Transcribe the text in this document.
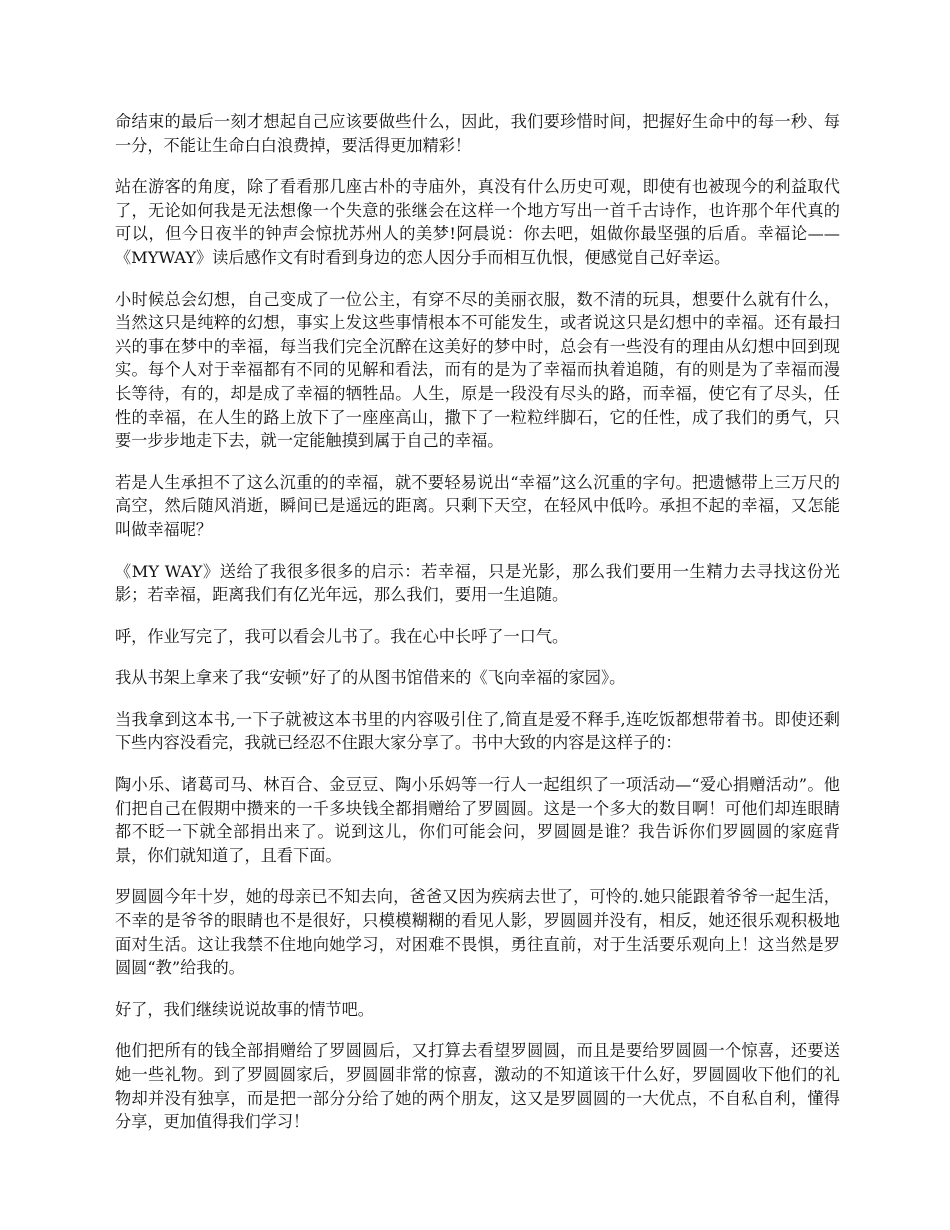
命结束的最后一刻才想起自己应该要做些什么，因此，我们要珍惜时间，把握好生命中的每一秒、每一分，不能让生命白白浪费掉，要活得更加精彩！

站在游客的角度，除了看看那几座古朴的寺庙外，真没有什么历史可观，即使有也被现今的利益取代了，无论如何我是无法想像一个失意的张继会在这样一个地方写出一首千古诗作，也许那个年代真的可以，但今日夜半的钟声会惊扰苏州人的美梦!阿晨说：你去吧，姐做你最坚强的后盾。幸福论——《MYWAY》读后感作文有时看到身边的恋人因分手而相互仇恨，便感觉自己好幸运。

小时候总会幻想，自己变成了一位公主，有穿不尽的美丽衣服，数不清的玩具，想要什么就有什么，当然这只是纯粹的幻想，事实上发这些事情根本不可能发生，或者说这只是幻想中的幸福。还有最扫兴的事在梦中的幸福，每当我们完全沉醉在这美好的梦中时，总会有一些没有的理由从幻想中回到现实。每个人对于幸福都有不同的见解和看法，而有的是为了幸福而执着追随，有的则是为了幸福而漫长等待，有的，却是成了幸福的牺牲品。人生，原是一段没有尽头的路，而幸福，使它有了尽头，任性的幸福，在人生的路上放下了一座座高山，撒下了一粒粒绊脚石，它的任性，成了我们的勇气，只要一步步地走下去，就一定能触摸到属于自己的幸福。

若是人生承担不了这么沉重的的幸福，就不要轻易说出“幸福”这么沉重的字句。把遗憾带上三万尺的高空，然后随风消逝，瞬间已是遥远的距离。只剩下天空，在轻风中低吟。承担不起的幸福，又怎能叫做幸福呢？

《MY WAY》送给了我很多很多的启示：若幸福，只是光影，那么我们要用一生精力去寻找这份光影；若幸福，距离我们有亿光年远，那么我们，要用一生追随。

呼，作业写完了，我可以看会儿书了。我在心中长呼了一口气。

我从书架上拿来了我“安顿”好了的从图书馆借来的《飞向幸福的家园》。

当我拿到这本书,一下子就被这本书里的内容吸引住了,简直是爱不释手,连吃饭都想带着书。即使还剩下些内容没看完，我就已经忍不住跟大家分享了。书中大致的内容是这样子的：

陶小乐、诸葛司马、林百合、金豆豆、陶小乐妈等一行人一起组织了一项活动—“爱心捐赠活动”。他们把自己在假期中攒来的一千多块钱全都捐赠给了罗圆圆。这是一个多大的数目啊！可他们却连眼睛都不眨一下就全部捐出来了。说到这儿，你们可能会问，罗圆圆是谁？我告诉你们罗圆圆的家庭背景，你们就知道了，且看下面。

罗圆圆今年十岁，她的母亲已不知去向，爸爸又因为疾病去世了，可怜的.她只能跟着爷爷一起生活，不幸的是爷爷的眼睛也不是很好，只模模糊糊的看见人影，罗圆圆并没有，相反，她还很乐观积极地面对生活。这让我禁不住地向她学习，对困难不畏惧，勇往直前，对于生活要乐观向上！这当然是罗圆圆“教”给我的。

好了，我们继续说说故事的情节吧。

他们把所有的钱全部捐赠给了罗圆圆后，又打算去看望罗圆圆，而且是要给罗圆圆一个惊喜，还要送她一些礼物。到了罗圆圆家后，罗圆圆非常的惊喜，激动的不知道该干什么好，罗圆圆收下他们的礼物却并没有独享，而是把一部分分给了她的两个朋友，这又是罗圆圆的一大优点，不自私自利，懂得分享，更加值得我们学习！
